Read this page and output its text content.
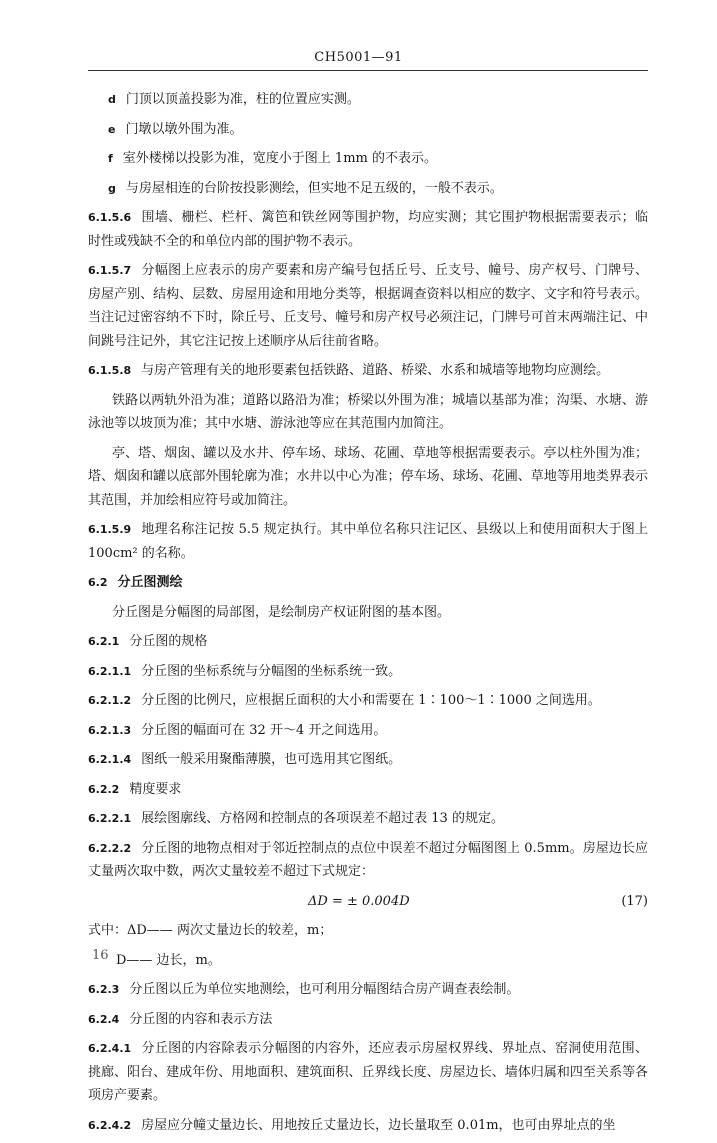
CH5001—91
d 门顶以顶盖投影为准，柱的位置应实测。
e 门墩以墩外围为准。
f 室外楼梯以投影为准，宽度小于图上 1mm 的不表示。
g 与房屋相连的台阶按投影测绘，但实地不足五级的，一般不表示。
6.1.5.6 围墙、栅栏、栏杆、篱笆和铁丝网等围护物，均应实测；其它围护物根据需要表示；临时性或残缺不全的和单位内部的围护物不表示。
6.1.5.7 分幅图上应表示的房产要素和房产编号包括丘号、丘支号、幢号、房产权号、门牌号、房屋产别、结构、层数、房屋用途和用地分类等，根据调查资料以相应的数字、文字和符号表示。当注记过密容纳不下时，除丘号、丘支号、幢号和房产权号必须注记，门牌号可首末两端注记、中间跳号注记外，其它注记按上述顺序从后往前省略。
6.1.5.8 与房产管理有关的地形要素包括铁路、道路、桥梁、水系和城墙等地物均应测绘。
铁路以两轨外沿为准；道路以路沿为准；桥梁以外围为准；城墙以基部为准；沟渠、水塘、游泳池等以坡顶为准；其中水塘、游泳池等应在其范围内加简注。
亭、塔、烟囱、罐以及水井、停车场、球场、花圃、草地等根据需要表示。亭以柱外围为准；塔、烟囱和罐以底部外围轮廓为准；水井以中心为准；停车场、球场、花圃、草地等用地类界表示其范围，并加绘相应符号或加简注。
6.1.5.9 地理名称注记按 5.5 规定执行。其中单位名称只注记区、县级以上和使用面积大于图上 100cm² 的名称。
6.2 分丘图测绘
分丘图是分幅图的局部图，是绘制房产权证附图的基本图。
6.2.1 分丘图的规格
6.2.1.1 分丘图的坐标系统与分幅图的坐标系统一致。
6.2.1.2 分丘图的比例尺，应根据丘面积的大小和需要在 1∶100～1∶1000 之间选用。
6.2.1.3 分丘图的幅面可在 32 开～4 开之间选用。
6.2.1.4 图纸一般采用聚酯薄膜，也可选用其它图纸。
6.2.2 精度要求
6.2.2.1 展绘图廓线、方格网和控制点的各项误差不超过表 13 的规定。
6.2.2.2 分丘图的地物点相对于邻近控制点的点位中误差不超过分幅图图上 0.5mm。房屋边长应丈量两次取中数，两次丈量较差不超过下式规定：
ΔD = ± 0.004D	(17)
式中：ΔD—— 两次丈量边长的较差，m；
D—— 边长，m。
6.2.3 分丘图以丘为单位实地测绘，也可利用分幅图结合房产调查表绘制。
6.2.4 分丘图的内容和表示方法
6.2.4.1 分丘图的内容除表示分幅图的内容外，还应表示房屋权界线、界址点、窑洞使用范围、挑廊、阳台、建成年份、用地面积、建筑面积、丘界线长度、房屋边长、墙体归属和四至关系等各项房产要素。
6.2.4.2 房屋应分幢丈量边长、用地按丘丈量边长，边长量取至 0.01m，也可由界址点的坐
16
